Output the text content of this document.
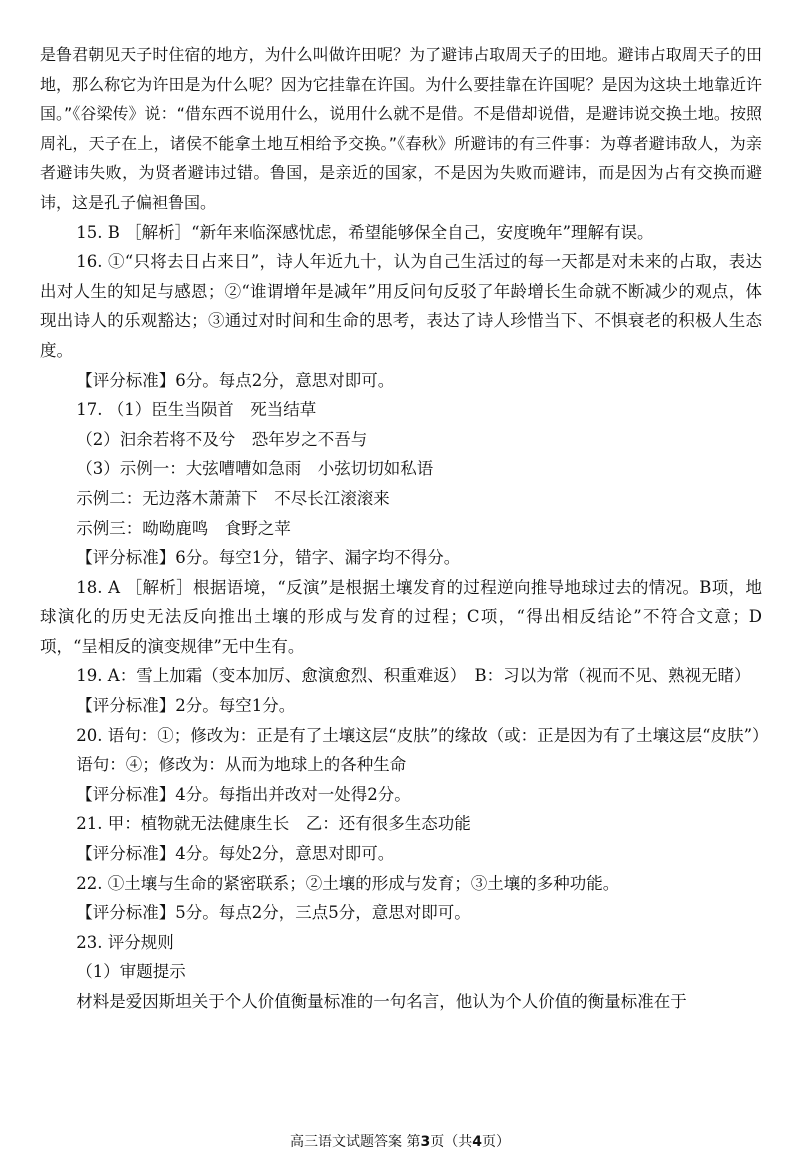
是鲁君朝见天子时住宿的地方，为什么叫做许田呢？为了避讳占取周天子的田地。避讳占取周天子的田地，那么称它为许田是为什么呢？因为它挂靠在许国。为什么要挂靠在许国呢？是因为这块土地靠近许国。”《谷梁传》说：“借东西不说用什么，说用什么就不是借。不是借却说借，是避讳说交换土地。按照周礼，天子在上，诸侯不能拿土地互相给予交换。”《春秋》所避讳的有三件事：为尊者避讳敌人，为亲者避讳失败，为贤者避讳过错。鲁国，是亲近的国家，不是因为失败而避讳，而是因为占有交换而避讳，这是孔子偏袒鲁国。

15. B ［解析］“新年来临深感忧虑，希望能够保全自己，安度晚年”理解有误。

16. ①“只将去日占来日”，诗人年近九十，认为自己生活过的每一天都是对未来的占取，表达出对人生的知足与感恩；②“谁谓增年是减年”用反问句反驳了年龄增长生命就不断减少的观点，体现出诗人的乐观豁达；③通过对时间和生命的思考，表达了诗人珍惜当下、不惧衰老的积极人生态度。

【评分标准】6分。每点2分，意思对即可。

17. （1）臣生当陨首　死当结草

（2）汩余若将不及兮　恐年岁之不吾与

（3）示例一：大弦嘈嘈如急雨　小弦切切如私语

示例二：无边落木萧萧下　不尽长江滚滚来

示例三：呦呦鹿鸣　食野之苹

【评分标准】6分。每空1分，错字、漏字均不得分。

18. A ［解析］根据语境，“反演”是根据土壤发育的过程逆向推导地球过去的情况。B项，地球演化的历史无法反向推出土壤的形成与发育的过程；C项，“得出相反结论”不符合文意；D项，“呈相反的演变规律”无中生有。

19. A：雪上加霜（变本加厉、愈演愈烈、积重难返）　B：习以为常（视而不见、熟视无睹）

【评分标准】2分。每空1分。

20. 语句：①；修改为：正是有了土壤这层“皮肤”的缘故（或：正是因为有了土壤这层“皮肤”）

语句：④；修改为：从而为地球上的各种生命

【评分标准】4分。每指出并改对一处得2分。

21. 甲：植物就无法健康生长　乙：还有很多生态功能

【评分标准】4分。每处2分，意思对即可。

22. ①土壤与生命的紧密联系；②土壤的形成与发育；③土壤的多种功能。

【评分标准】5分。每点2分，三点5分，意思对即可。

23. 评分规则

（1）审题提示

材料是爱因斯坦关于个人价值衡量标准的一句名言，他认为个人价值的衡量标准在于

高三语文试题答案 第3页（共4页）
